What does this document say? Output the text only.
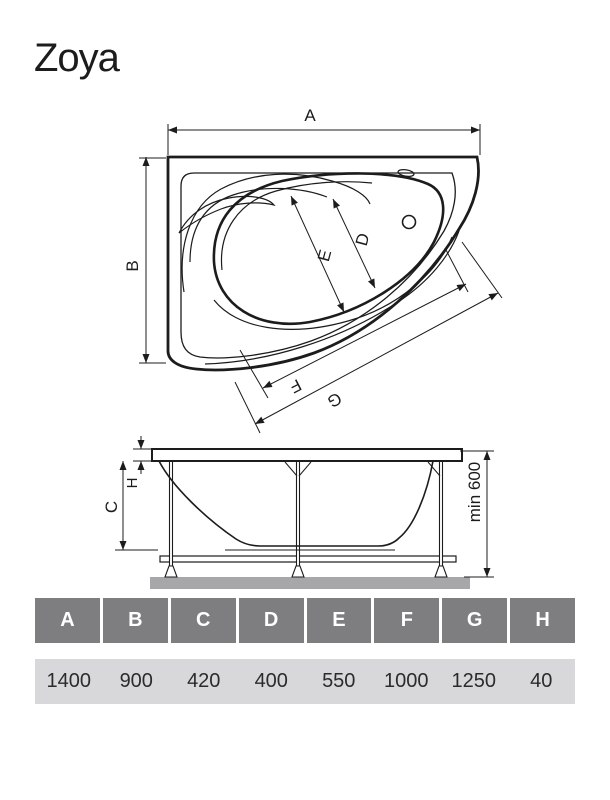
Zoya
A
B
E
D
F
G
H
C	min 600
A	B	C	D	E	F	G	H
1400	900	420	400	550	1000	1250	40
